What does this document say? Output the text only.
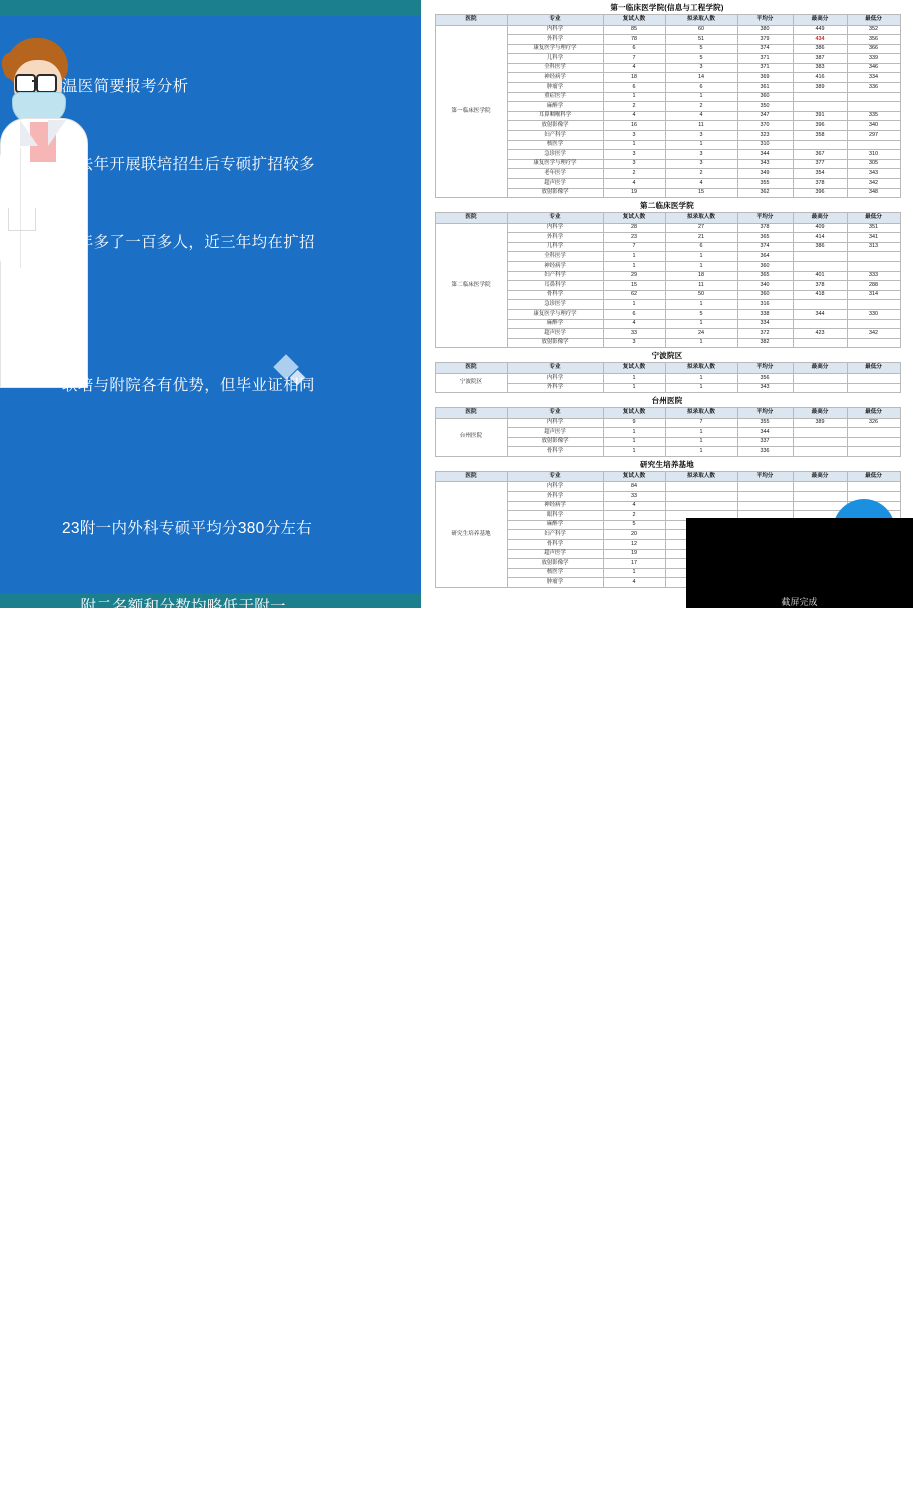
温医简要报考分析

自去年开展联培招生后专硕扩招较多

今年多了一百多人，近三年均在扩招

联培与附院各有优势，但毕业证相同

23附一内外科专硕平均分380分左右

附二名额和分数均略低于附一

平均分被高分和超高分抬高不少

22年为明显小年，23为大年，个人觉

得24热度会降

特征：无歧视，较公正，重英语，

招生多分数区间较大，因此上岸机会

较大，但调剂名额稀少，而且高分段

非常强悍，（今年外科秒了浙一）想

学好的专业选好的导师仍需要初试复

试的厮杀

第一临床医学院(信息与工程学院)
医院	专业	复试人数	拟录取人数	平均分	最高分	最低分
第一临床医学院	内科学	85	60	380	449	352
	外科学	78	51	379	434	356
	康复医学与理疗学	6	5	374	386	366
	儿科学	7	5	371	387	339
	全科医学	4	3	371	383	346
	神经病学	18	14	369	416	334
	肿瘤学	6	6	361	389	336
	重症医学	1	1	360		
	麻醉学	2	2	350		
	耳鼻咽喉科学	4	4	347	391	335
	放射影像学	16	11	370	396	340
	妇产科学	3	3	323	358	297
	核医学	1	1	310		
	急诊医学	3	3	344	367	310
	康复医学与理疗学	3	3	343	377	305
	老年医学	2	2	349	354	343
	超声医学	4	4	355	378	342
	放射影像学	19	15	362	396	348
第二临床医学院
医院	专业	复试人数	拟录取人数	平均分	最高分	最低分
第二临床医学院	内科学	28	27	378	409	351
	外科学	23	21	365	414	341
	儿科学	7	6	374	386	313
	全科医学	1	1	364		
	神经病学	1	1	360		
	妇产科学	29	18	365	401	333
	耳鼻科学	15	11	340	378	288
	骨科学	62	50	360	418	314
	急诊医学	1	1	316		
	康复医学与理疗学	6	5	338	344	330
	麻醉学	4	1	334		
	超声医学	33	24	372	423	342
	放射影像学	3	1	382		
宁波院区
医院	专业	复试人数	拟录取人数	平均分	最高分	最低分
宁波院区	内科学	1	1	356		
	外科学	1	1	343		
台州医院
医院	专业	复试人数	拟录取人数	平均分	最高分	最低分
台州医院	内科学	9	7	355	389	326
	超声医学	1	1	344		
	放射影像学	1	1	337		
	骨科学	1	1	336		
研究生培养基地
医院	专业	复试人数	拟录取人数	平均分	最高分	最低分
研究生培养基地	内科学	84				
	外科学	33				
	神经病学	4				
	眼科学	2				
	麻醉学	5				
	妇产科学	20				
	骨科学	12				
	超声医学	19				
	放射影像学	17				
	核医学	1				
	肿瘤学	4				
截屏完成
